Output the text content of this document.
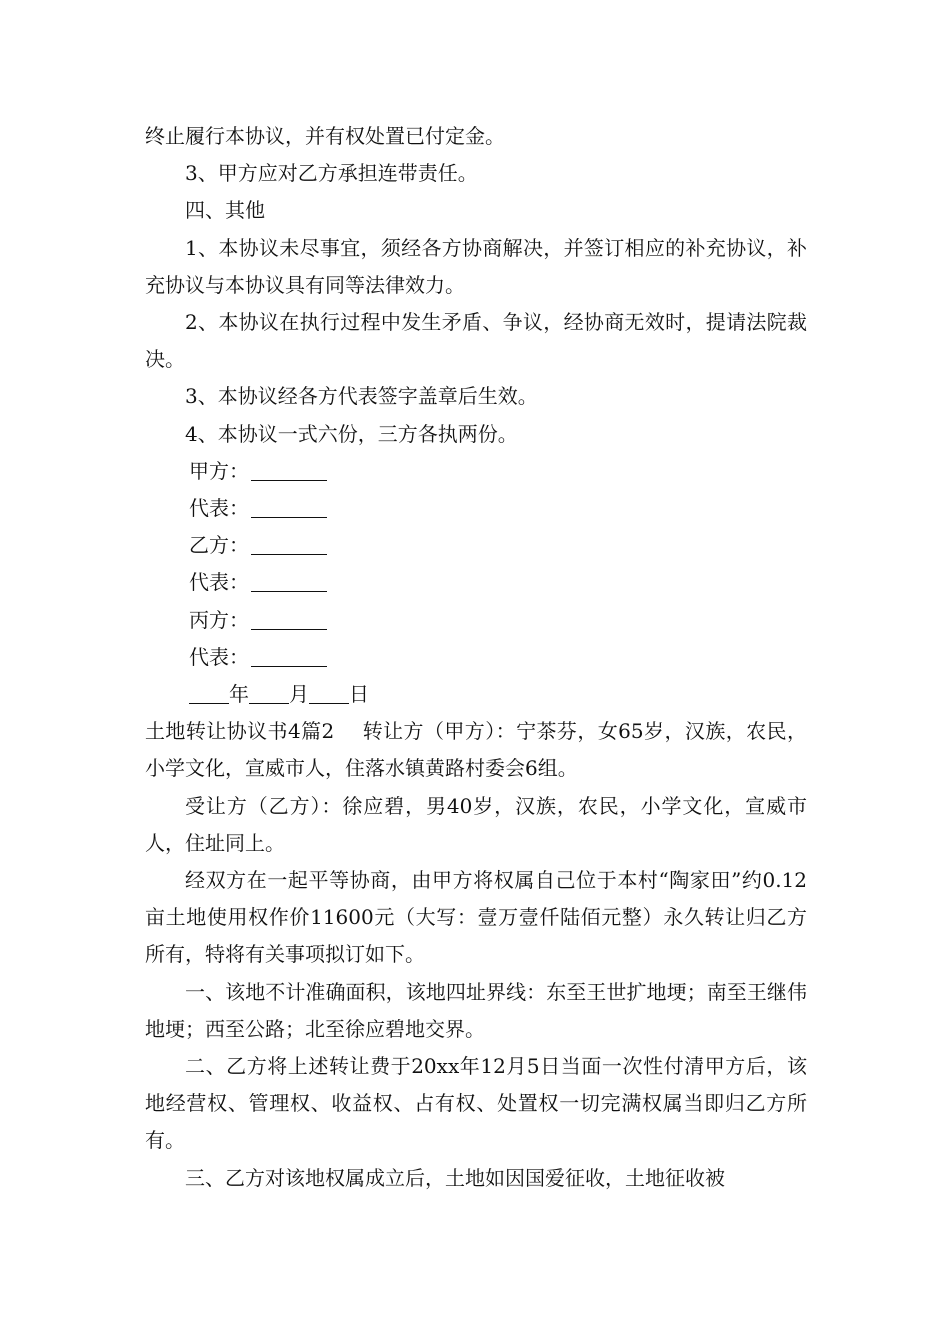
终止履行本协议，并有权处置已付定金。

3、甲方应对乙方承担连带责任。

四、其他

1、本协议未尽事宜，须经各方协商解决，并签订相应的补充协议，补充协议与本协议具有同等法律效力。

2、本协议在执行过程中发生矛盾、争议，经协商无效时，提请法院裁决。

3、本协议经各方代表签字盖章后生效。

4、本协议一式六份，三方各执两份。

甲方：

代表：

乙方：

代表：

丙方：

代表：

年 月 日

土地转让协议书4篇2 转让方（甲方）：宁茶芬，女65岁，汉族，农民，小学文化，宣威市人，住落水镇黄路村委会6组。

受让方（乙方）：徐应碧，男40岁，汉族，农民，小学文化，宣威市人，住址同上。

经双方在一起平等协商，由甲方将权属自己位于本村“陶家田”约0.12亩土地使用权作价11600元（大写：壹万壹仟陆佰元整）永久转让归乙方所有，特将有关事项拟订如下。

一、该地不计准确面积，该地四址界线：东至王世扩地埂；南至王继伟地埂；西至公路；北至徐应碧地交界。

二、乙方将上述转让费于20xx年12月5日当面一次性付清甲方后，该地经营权、管理权、收益权、占有权、处置权一切完满权属当即归乙方所有。

三、乙方对该地权属成立后，土地如因国爱征收，土地征收被
